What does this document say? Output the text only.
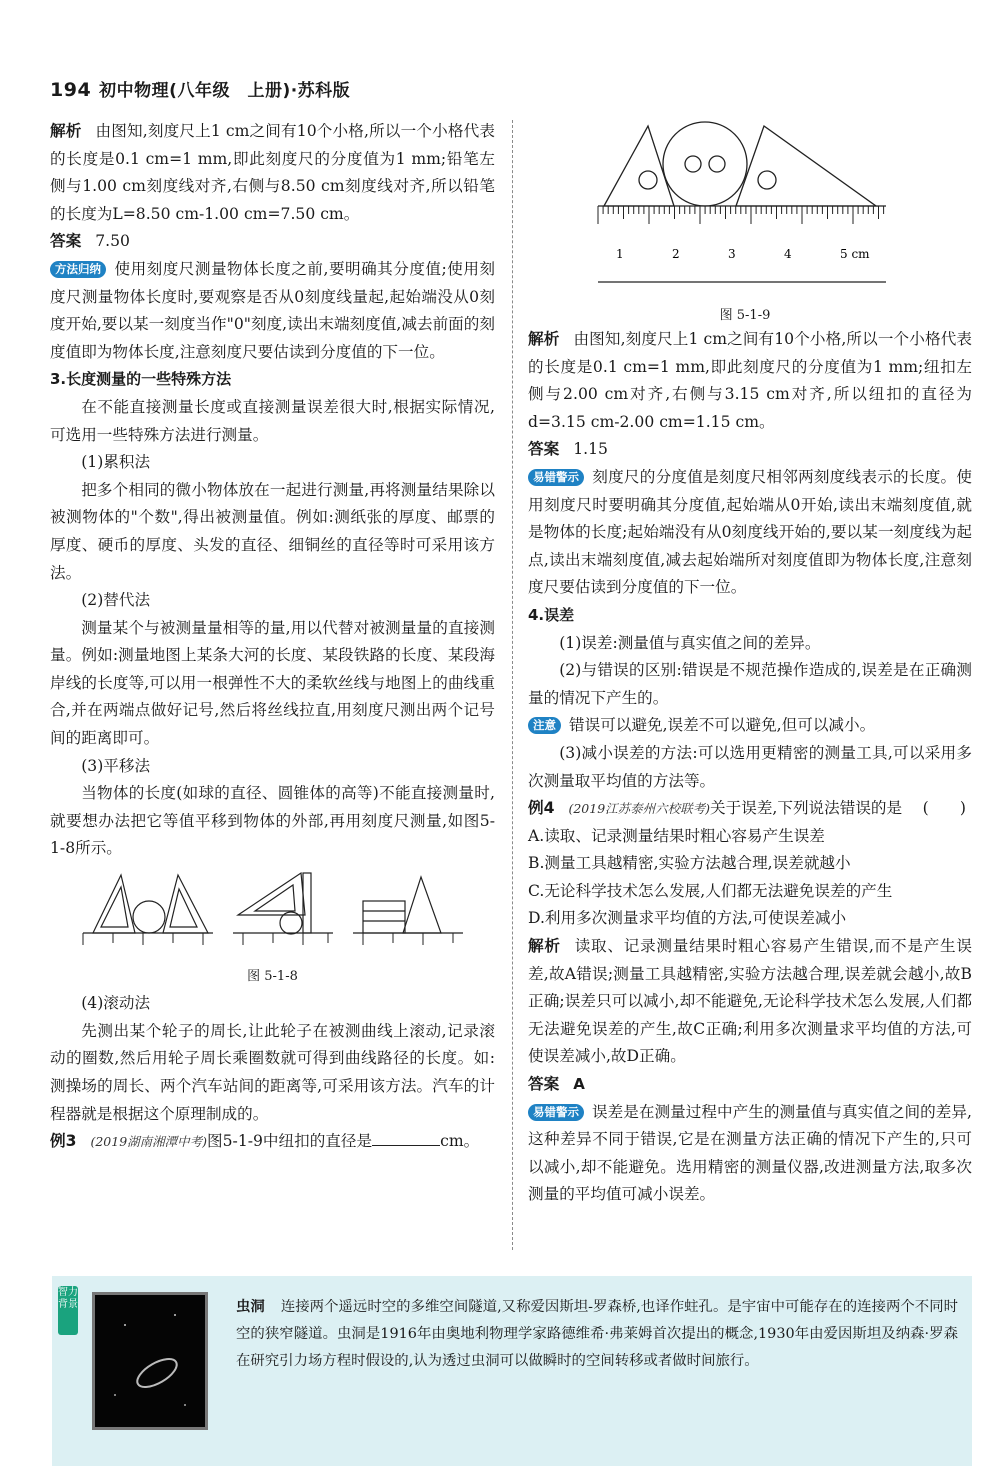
194 初中物理(八年级　上册)·苏科版

解析 由图知,刻度尺上1 cm之间有10个小格,所以一个小格代表的长度是0.1 cm=1 mm,即此刻度尺的分度值为1 mm;铅笔左侧与1.00 cm刻度线对齐,右侧与8.50 cm刻度线对齐,所以铅笔的长度为L=8.50 cm-1.00 cm=7.50 cm。

答案 7.50

方法归纳 使用刻度尺测量物体长度之前,要明确其分度值;使用刻度尺测量物体长度时,要观察是否从0刻度线量起,起始端没从0刻度开始,要以某一刻度当作"0"刻度,读出末端刻度值,减去前面的刻度值即为物体长度,注意刻度尺要估读到分度值的下一位。

3.长度测量的一些特殊方法

在不能直接测量长度或直接测量误差很大时,根据实际情况,可选用一些特殊方法进行测量。

(1)累积法

把多个相同的微小物体放在一起进行测量,再将测量结果除以被测物体的"个数",得出被测量值。例如:测纸张的厚度、邮票的厚度、硬币的厚度、头发的直径、细铜丝的直径等时可采用该方法。

(2)替代法

测量某个与被测量量相等的量,用以代替对被测量量的直接测量。例如:测量地图上某条大河的长度、某段铁路的长度、某段海岸线的长度等,可以用一根弹性不大的柔软丝线与地图上的曲线重合,并在两端点做好记号,然后将丝线拉直,用刻度尺测出两个记号间的距离即可。

(3)平移法

当物体的长度(如球的直径、圆锥体的高等)不能直接测量时,就要想办法把它等值平移到物体的外部,再用刻度尺测量,如图5-1-8所示。

图 5-1-8

(4)滚动法

先测出某个轮子的周长,让此轮子在被测曲线上滚动,记录滚动的圈数,然后用轮子周长乘圈数就可得到曲线路径的长度。如:测操场的周长、两个汽车站间的距离等,可采用该方法。汽车的计程器就是根据这个原理制成的。

例3 (2019湖南湘潭中考)图5-1-9中纽扣的直径是	cm。

1	2	3	4	5 cm
图 5-1-9

解析 由图知,刻度尺上1 cm之间有10个小格,所以一个小格代表的长度是0.1 cm=1 mm,即此刻度尺的分度值为1 mm;纽扣左侧与2.00 cm对齐,右侧与3.15 cm对齐,所以纽扣的直径为d=3.15 cm-2.00 cm=1.15 cm。

答案 1.15

易错警示 刻度尺的分度值是刻度尺相邻两刻度线表示的长度。使用刻度尺时要明确其分度值,起始端从0开始,读出末端刻度值,就是物体的长度;起始端没有从0刻度线开始的,要以某一刻度线为起点,读出末端刻度值,减去起始端所对刻度值即为物体长度,注意刻度尺要估读到分度值的下一位。

4.误差

(1)误差:测量值与真实值之间的差异。

(2)与错误的区别:错误是不规范操作造成的,误差是在正确测量的情况下产生的。

注意 错误可以避免,误差不可以避免,但可以减小。

(3)减小误差的方法:可以选用更精密的测量工具,可以采用多次测量取平均值的方法等。

例4 (2019江苏泰州六校联考)关于误差,下列说法错误的是 (　　)

A.读取、记录测量结果时粗心容易产生误差

B.测量工具越精密,实验方法越合理,误差就越小

C.无论科学技术怎么发展,人们都无法避免误差的产生

D.利用多次测量求平均值的方法,可使误差减小

解析 读取、记录测量结果时粗心容易产生错误,而不是产生误差,故A错误;测量工具越精密,实验方法越合理,误差就会越小,故B正确;误差只可以减小,却不能避免,无论科学技术怎么发展,人们都无法避免误差的产生,故C正确;利用多次测量求平均值的方法,可使误差减小,故D正确。

答案 A

易错警示 误差是在测量过程中产生的测量值与真实值之间的差异,这种差异不同于错误,它是在测量方法正确的情况下产生的,只可以减小,却不能避免。选用精密的测量仪器,改进测量方法,取多次测量的平均值可减小误差。

智力背景	虫洞 连接两个遥远时空的多维空间隧道,又称爱因斯坦-罗森桥,也译作蛀孔。是宇宙中可能存在的连接两个不同时空的狭窄隧道。虫洞是1916年由奥地利物理学家路德维希·弗莱姆首次提出的概念,1930年由爱因斯坦及纳森·罗森在研究引力场方程时假设的,认为透过虫洞可以做瞬时的空间转移或者做时间旅行。
